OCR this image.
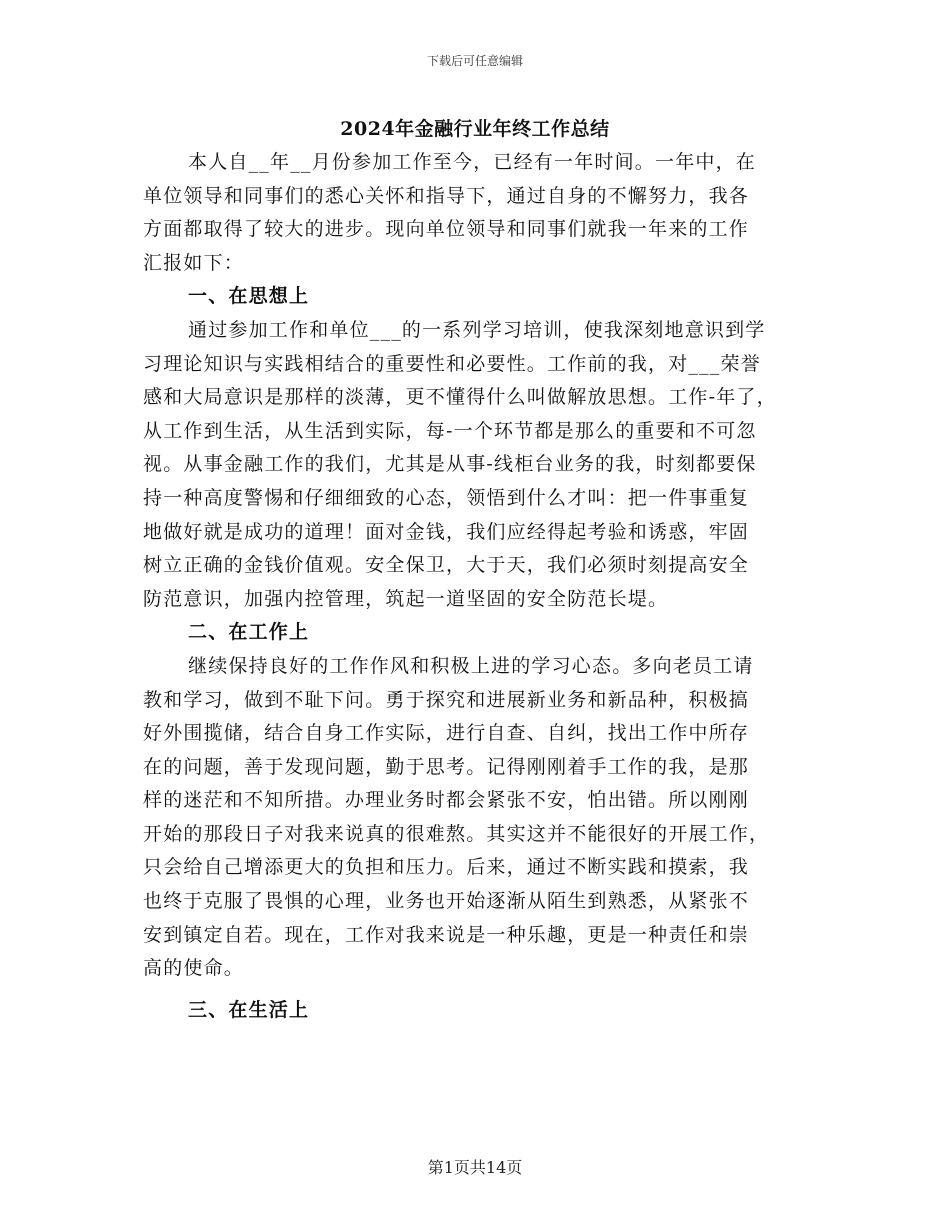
下载后可任意编辑
2024年金融行业年终工作总结
本人自__年__月份参加工作至今，已经有一年时间。一年中，在
单位领导和同事们的悉心关怀和指导下，通过自身的不懈努力，我各
方面都取得了较大的进步。现向单位领导和同事们就我一年来的工作
汇报如下：
一、在思想上
通过参加工作和单位___的一系列学习培训，使我深刻地意识到学
习理论知识与实践相结合的重要性和必要性。工作前的我，对___荣誉
感和大局意识是那样的淡薄，更不懂得什么叫做解放思想。工作-年了，
从工作到生活，从生活到实际，每-一个环节都是那么的重要和不可忽
视。从事金融工作的我们，尤其是从事-线柜台业务的我，时刻都要保
持一种高度警惕和仔细细致的心态，领悟到什么才叫：把一件事重复
地做好就是成功的道理！面对金钱，我们应经得起考验和诱惑，牢固
树立正确的金钱价值观。安全保卫，大于天，我们必须时刻提高安全
防范意识，加强内控管理，筑起一道坚固的安全防范长堤。
二、在工作上
继续保持良好的工作作风和积极上进的学习心态。多向老员工请
教和学习，做到不耻下问。勇于探究和进展新业务和新品种，积极搞
好外围揽储，结合自身工作实际，进行自查、自纠，找出工作中所存
在的问题，善于发现问题，勤于思考。记得刚刚着手工作的我，是那
样的迷茫和不知所措。办理业务时都会紧张不安，怕出错。所以刚刚
开始的那段日子对我来说真的很难熬。其实这并不能很好的开展工作，
只会给自己增添更大的负担和压力。后来，通过不断实践和摸索，我
也终于克服了畏惧的心理，业务也开始逐渐从陌生到熟悉，从紧张不
安到镇定自若。现在，工作对我来说是一种乐趣，更是一种责任和崇
高的使命。
三、在生活上
第1页共14页
